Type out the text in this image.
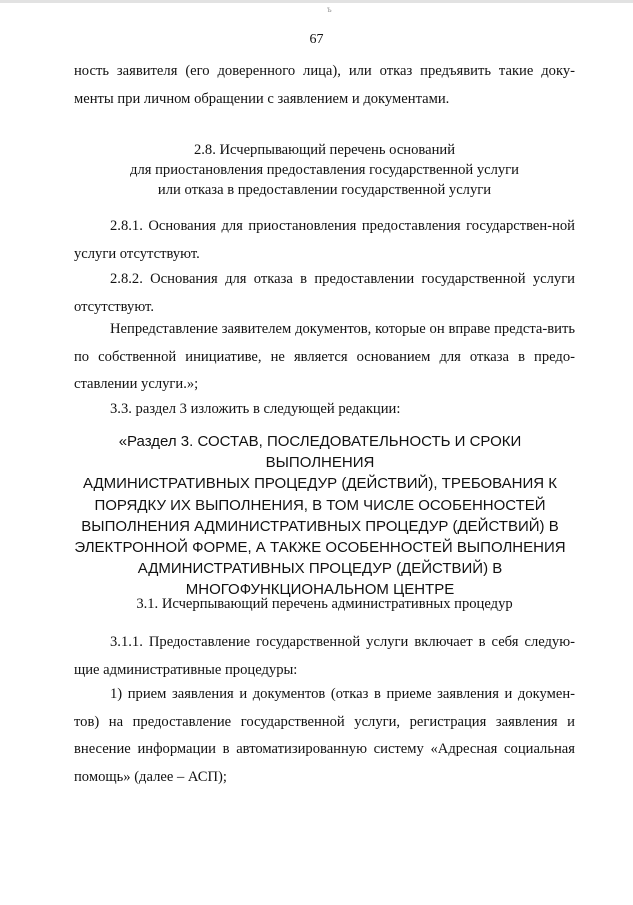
ъ
67

ность заявителя (его доверенного лица), или отказ предъявить такие доку-менты при личном обращении с заявлением и документами.

2.8. Исчерпывающий перечень оснований

для приостановления предоставления государственной услуги

или отказа в предоставлении государственной услуги

2.8.1. Основания для приостановления предоставления государствен-ной услуги отсутствуют.

2.8.2. Основания для отказа в предоставлении государственной услуги отсутствуют.

Непредставление заявителем документов, которые он вправе предста-вить по собственной инициативе, не является основанием для отказа в предо-ставлении услуги.»;

3.3. раздел 3 изложить в следующей редакции:

«Раздел 3. СОСТАВ, ПОСЛЕДОВАТЕЛЬНОСТЬ И СРОКИ ВЫПОЛНЕНИЯ
АДМИНИСТРАТИВНЫХ ПРОЦЕДУР (ДЕЙСТВИЙ), ТРЕБОВАНИЯ К
ПОРЯДКУ ИХ ВЫПОЛНЕНИЯ, В ТОМ ЧИСЛЕ ОСОБЕННОСТЕЙ
ВЫПОЛНЕНИЯ АДМИНИСТРАТИВНЫХ ПРОЦЕДУР (ДЕЙСТВИЙ) В
ЭЛЕКТРОННОЙ ФОРМЕ, А ТАКЖЕ ОСОБЕННОСТЕЙ ВЫПОЛНЕНИЯ
АДМИНИСТРАТИВНЫХ ПРОЦЕДУР (ДЕЙСТВИЙ) В
МНОГОФУНКЦИОНАЛЬНОМ ЦЕНТРЕ

3.1. Исчерпывающий перечень административных процедур

3.1.1. Предоставление государственной услуги включает в себя следую-щие административные процедуры:

1) прием заявления и документов (отказ в приеме заявления и докумен-тов) на предоставление государственной услуги, регистрация заявления и внесение информации в автоматизированную систему «Адресная социальная помощь» (далее – АСП);
